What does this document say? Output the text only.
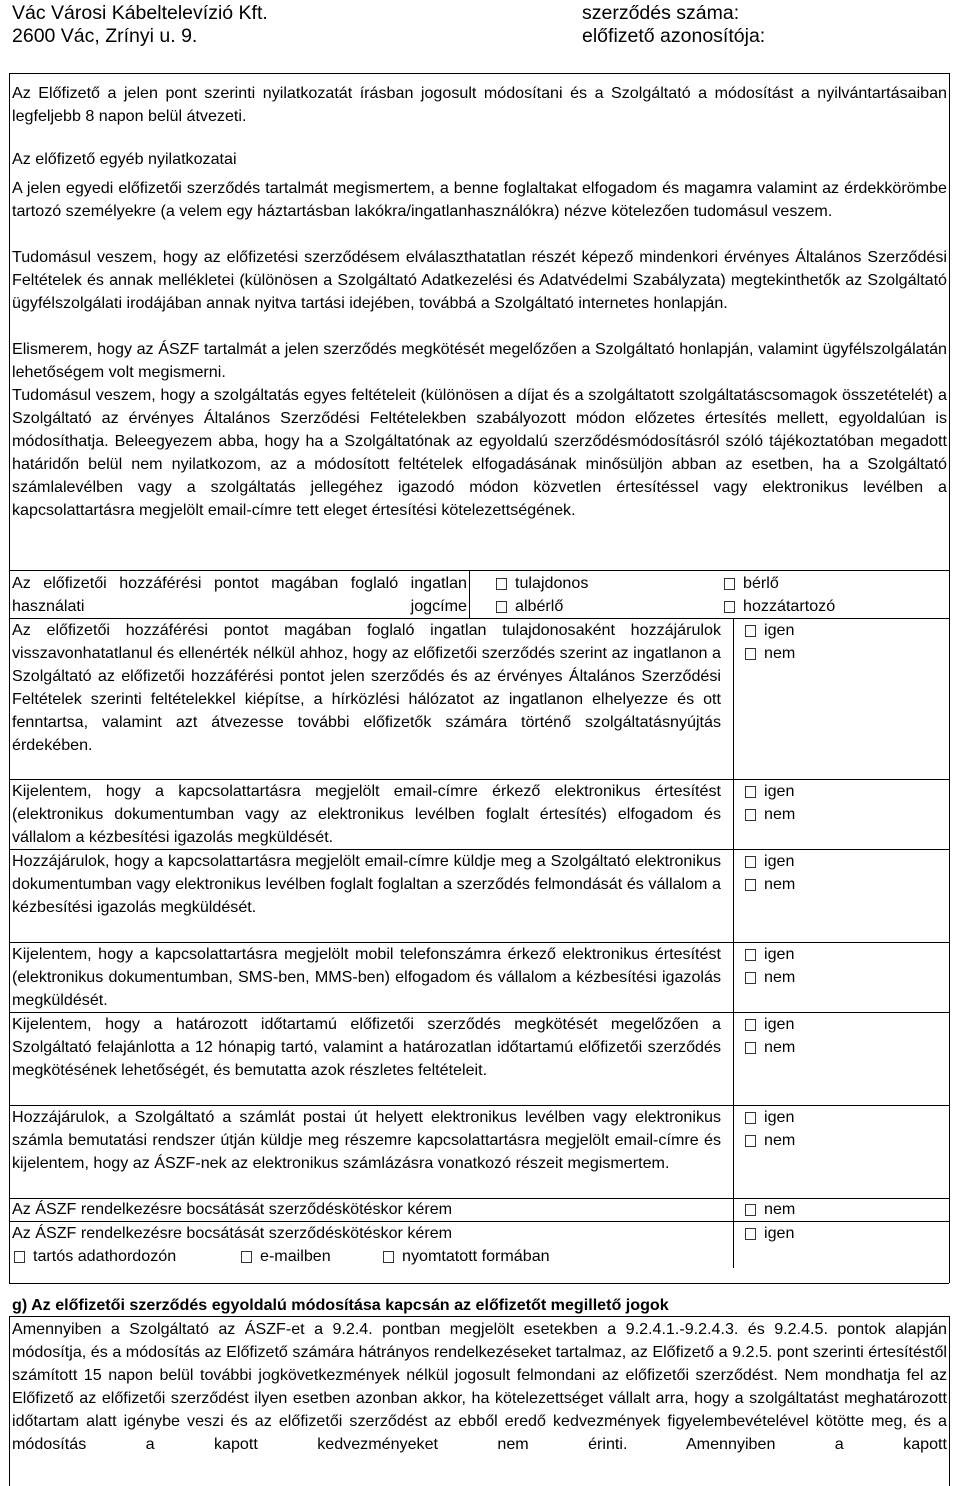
Vác Városi Kábeltelevízió Kft.
2600 Vác, Zrínyi u. 9.
szerződés száma:
előfizető azonosítója:
Az Előfizető a jelen pont szerinti nyilatkozatát írásban jogosult módosítani és a Szolgáltató a módosítást a nyilvántartásaiban legfeljebb 8 napon belül átvezeti.
Az előfizető egyéb nyilatkozatai
A jelen egyedi előfizetői szerződés tartalmát megismertem, a benne foglaltakat elfogadom és magamra valamint az érdekkörömbe tartozó személyekre (a velem egy háztartásban lakókra/ingatlanhasználókra) nézve kötelezően tudomásul veszem.
Tudomásul veszem, hogy az előfizetési szerződésem elválaszthatatlan részét képező mindenkori érvényes Általános Szerződési Feltételek és annak mellékletei (különösen a Szolgáltató Adatkezelési és Adatvédelmi Szabályzata) megtekinthetők az Szolgáltató ügyfélszolgálati irodájában annak nyitva tartási idejében, továbbá a Szolgáltató internetes honlapján.
Elismerem, hogy az ÁSZF tartalmát a jelen szerződés megkötését megelőzően a Szolgáltató honlapján, valamint ügyfélszolgálatán lehetőségem volt megismerni.
Tudomásul veszem, hogy a szolgáltatás egyes feltételeit (különösen a díjat és a szolgáltatott szolgáltatáscsomagok összetételét) a Szolgáltató az érvényes Általános Szerződési Feltételekben szabályozott módon előzetes értesítés mellett, egyoldalúan is módosíthatja. Beleegyezem abba, hogy ha a Szolgáltatónak az egyoldalú szerződésmódosításról szóló tájékoztatóban megadott határidőn belül nem nyilatkozom, az a módosított feltételek elfogadásának minősüljön abban az esetben, ha a Szolgáltató számlalevélben vagy a szolgáltatás jellegéhez igazodó módon közvetlen értesítéssel vagy elektronikus levélben a kapcsolattartásra megjelölt email-címre tett eleget értesítési kötelezettségének.
Az előfizetői hozzáférési pontot magában foglaló ingatlan használati jogcíme
tulajdonos	bérlő
albérlő	hozzátartozó
Az előfizetői hozzáférési pontot magában foglaló ingatlan tulajdonosaként hozzájárulok visszavonhatatlanul és ellenérték nélkül ahhoz, hogy az előfizetői szerződés szerint az ingatlanon a Szolgáltató az előfizetői hozzáférési pontot jelen szerződés és az érvényes Általános Szerződési Feltételek szerinti feltételekkel kiépítse, a hírközlési hálózatot az ingatlanon elhelyezze és ott fenntartsa, valamint azt átvezesse további előfizetők számára történő szolgáltatásnyújtás érdekében.
igen
nem
Kijelentem, hogy a kapcsolattartásra megjelölt email-címre érkező elektronikus értesítést (elektronikus dokumentumban vagy az elektronikus levélben foglalt értesítés) elfogadom és vállalom a kézbesítési igazolás megküldését.
igen
nem
Hozzájárulok, hogy a kapcsolattartásra megjelölt email-címre küldje meg a Szolgáltató elektronikus dokumentumban vagy elektronikus levélben foglalt foglaltan a szerződés felmondását és vállalom a kézbesítési igazolás megküldését.
igen
nem
Kijelentem, hogy a kapcsolattartásra megjelölt mobil telefonszámra érkező elektronikus értesítést (elektronikus dokumentumban, SMS-ben, MMS-ben) elfogadom és vállalom a kézbesítési igazolás megküldését.
igen
nem
Kijelentem, hogy a határozott időtartamú előfizetői szerződés megkötését megelőzően a Szolgáltató felajánlotta a 12 hónapig tartó, valamint a határozatlan időtartamú előfizetői szerződés megkötésének lehetőségét, és bemutatta azok részletes feltételeit.
igen
nem
Hozzájárulok, a Szolgáltató a számlát postai út helyett elektronikus levélben vagy elektronikus számla bemutatási rendszer útján küldje meg részemre kapcsolattartásra megjelölt email-címre és kijelentem, hogy az ÁSZF-nek az elektronikus számlázásra vonatkozó részeit megismertem.
igen
nem
Az ÁSZF rendelkezésre bocsátását szerződéskötéskor kérem	nem
Az ÁSZF rendelkezésre bocsátását szerződéskötéskor kérem	igen
tartós adathordozón	e-mailben	nyomtatott formában
g) Az előfizetői szerződés egyoldalú módosítása kapcsán az előfizetőt megillető jogok
Amennyiben a Szolgáltató az ÁSZF-et a 9.2.4. pontban megjelölt esetekben a 9.2.4.1.-9.2.4.3. és 9.2.4.5. pontok alapján módosítja, és a módosítás az Előfizető számára hátrányos rendelkezéseket tartalmaz, az Előfizető a 9.2.5. pont szerinti értesítéstől számított 15 napon belül további jogkövetkezmények nélkül jogosult felmondani az előfizetői szerződést. Nem mondhatja fel az Előfizető az előfizetői szerződést ilyen esetben azonban akkor, ha kötelezettséget vállalt arra, hogy a szolgáltatást meghatározott időtartam alatt igénybe veszi és az előfizetői szerződést az ebből eredő kedvezmények figyelembevételével kötötte meg, és a módosítás a kapott kedvezményeket nem érinti. Amennyiben a kapott
